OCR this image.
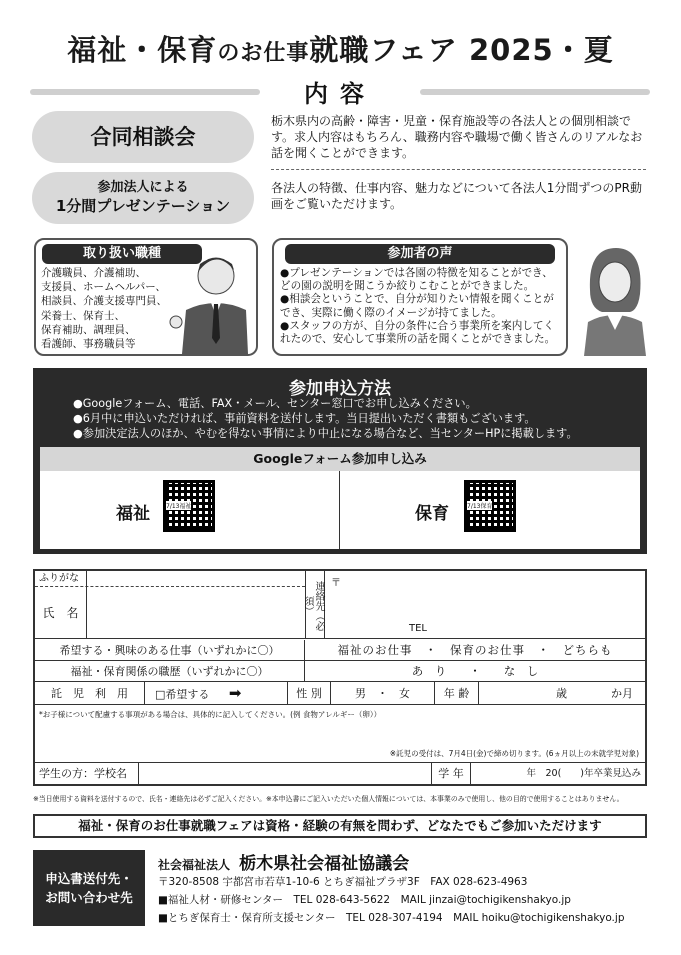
福祉・保育のお仕事就職フェア 2025・夏
内容
合同相談会
栃木県内の高齢・障害・児童・保育施設等の各法人との個別相談です。求人内容はもちろん、職務内容や職場で働く皆さんのリアルなお話を聞くことができます。
参加法人による
1分間プレゼンテーション
各法人の特徴、仕事内容、魅力などについて各法人1分間ずつのPR動画をご覧いただけます。
取り扱い職種
介護職員、介護補助、
支援員、ホームヘルパー、
相談員、介護支援専門員、
栄養士、保育士、
保育補助、調理員、
看護師、事務職員等
参加者の声
●プレゼンテーションでは各園の特徴を知ることができ、どの園の説明を聞こうか絞りこむことができました。
●相談会ということで、自分が知りたい情報を聞くことができ、実際に働く際のイメージが持てました。
●スタッフの方が、自分の条件に合う事業所を案内してくれたので、安心して事業所の話を聞くことができました。
参加申込方法
●Googleフォーム、電話、FAX・メール、センター窓口でお申し込みください。
●6月中に申込いただければ、事前資料を送付します。当日提出いただく書類もございます。
●参加決定法人のほか、やむを得ない事情により中止になる場合など、当センターHPに掲載します。
Googleフォーム参加申し込み
福祉	7/13福祉	保育	7/13保育
ふりがな
氏　名	連絡先（必須）
〒
TEL
希望する・興味のある仕事（いずれかに〇）	福祉のお仕事　・　保育のお仕事　・　どちらも
福祉・保育関係の職歴（いずれかに〇）	あ　り　　・　　な　し
託　児　利　用	□希望する ➡	性 別	男　・　女	年 齢	歳　　　　か月
*お子様について配慮する事項がある場合は、具体的に記入してください。(例 食物アレルギー（卵））
※託児の受付は、7月4日(金)で締め切ります。(6ヵ月以上の未就学児対象)
学生の方：学校名	学 年	年　20(　　)年卒業見込み
※当日使用する資料を送付するので、氏名・連絡先は必ずご記入ください。※本申込書にご記入いただいた個人情報については、本事業のみで使用し、他の目的で使用することはありません。
福祉・保育のお仕事就職フェアは資格・経験の有無を問わず、どなたでもご参加いただけます
申込書送付先・
お問い合わせ先
社会福祉法人 栃木県社会福祉協議会
〒320-8508 宇都宮市若草1-10-6 とちぎ福祉プラザ3F　FAX 028-623-4963
■福祉人材・研修センター　TEL 028-643-5622　MAIL jinzai@tochigikenshakyo.jp
■とちぎ保育士・保育所支援センター　TEL 028-307-4194　MAIL hoiku@tochigikenshakyo.jp
